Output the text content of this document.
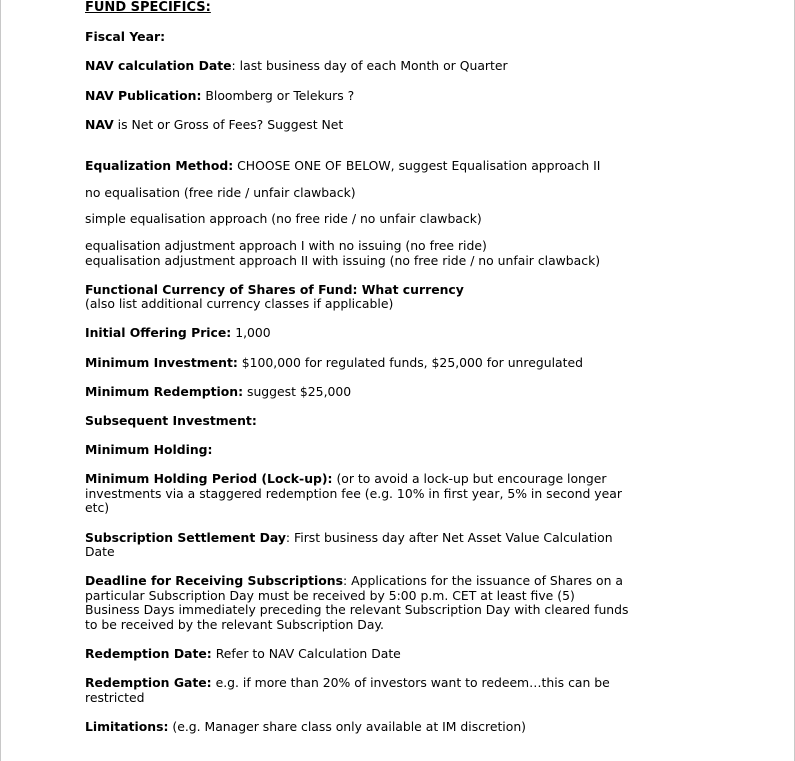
FUND SPECIFICS:
Fiscal Year:
NAV calculation Date: last business day of each Month or Quarter
NAV Publication: Bloomberg or Telekurs ?
NAV is Net or Gross of Fees? Suggest Net
Equalization Method: CHOOSE ONE OF BELOW, suggest Equalisation approach II
no equalisation (free ride / unfair clawback)
simple equalisation approach (no free ride / no unfair clawback)
equalisation adjustment approach I with no issuing (no free ride)
equalisation adjustment approach II with issuing (no free ride / no unfair clawback)
Functional Currency of Shares of Fund: What currency
(also list additional currency classes if applicable)
Initial Offering Price: 1,000
Minimum Investment: $100,000 for regulated funds, $25,000 for unregulated
Minimum Redemption: suggest $25,000
Subsequent Investment:
Minimum Holding:
Minimum Holding Period (Lock-up): (or to avoid a lock-up but encourage longer
investments via a staggered redemption fee (e.g. 10% in first year, 5% in second year
etc)
Subscription Settlement Day: First business day after Net Asset Value Calculation
Date
Deadline for Receiving Subscriptions: Applications for the issuance of Shares on a
particular Subscription Day must be received by 5:00 p.m. CET at least five (5)
Business Days immediately preceding the relevant Subscription Day with cleared funds
to be received by the relevant Subscription Day.
Redemption Date: Refer to NAV Calculation Date
Redemption Gate: e.g. if more than 20% of investors want to redeem…this can be
restricted
Limitations: (e.g. Manager share class only available at IM discretion)
